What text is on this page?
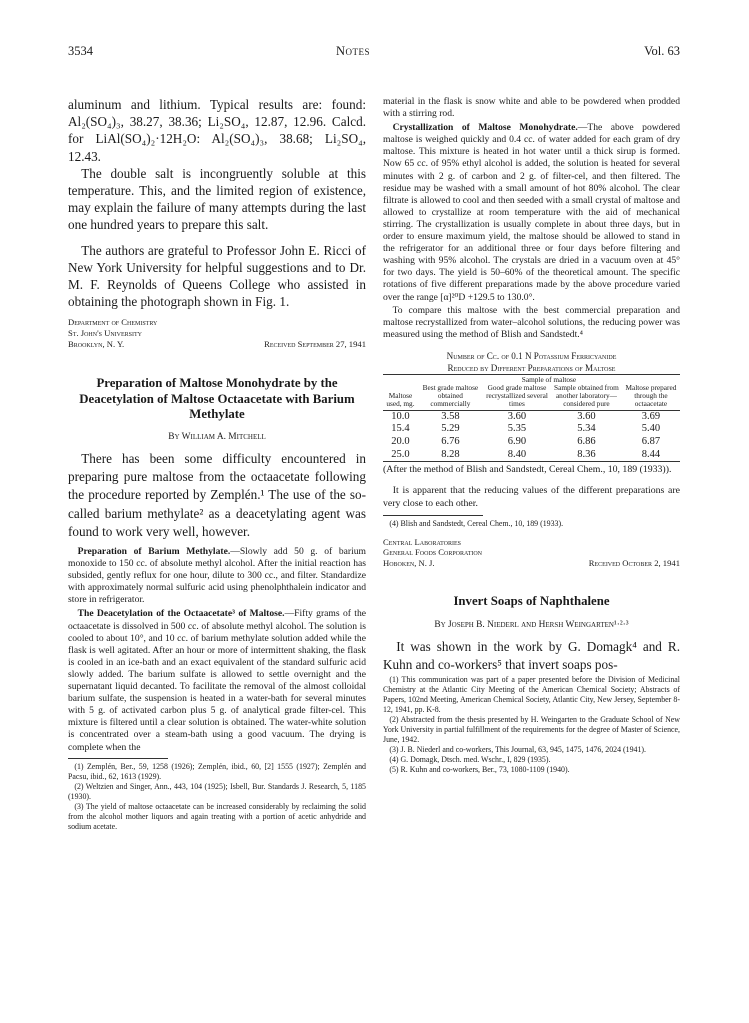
3534	Notes	Vol. 63

aluminum and lithium. Typical results are: found: Al₂(SO₄)₃, 38.27, 38.36; Li₂SO₄, 12.87, 12.96. Calcd. for LiAl(SO₄)₂·12H₂O: Al₂(SO₄)₃, 38.68; Li₂SO₄, 12.43.

The double salt is incongruently soluble at this temperature. This, and the limited region of existence, may explain the failure of many attempts during the last one hundred years to prepare this salt.

The authors are grateful to Professor John E. Ricci of New York University for helpful suggestions and to Dr. M. F. Reynolds of Queens College who assisted in obtaining the photograph shown in Fig. 1.

Department of Chemistry
St. John's University
Brooklyn, N. Y.	Received September 27, 1941
Preparation of Maltose Monohydrate by the Deacetylation of Maltose Octaacetate with Barium Methylate
By William A. Mitchell

There has been some difficulty encountered in preparing pure maltose from the octaacetate following the procedure reported by Zemplén.¹ The use of the so-called barium methylate² as a deacetylating agent was found to work very well, however.

Preparation of Barium Methylate.—Slowly add 50 g. of barium monoxide to 150 cc. of absolute methyl alcohol. After the initial reaction has subsided, gently reflux for one hour, dilute to 300 cc., and filter. Standardize with approximately normal sulfuric acid using phenolphthalein indicator and store in refrigerator.

The Deacetylation of the Octaacetate³ of Maltose.—Fifty grams of the octaacetate is dissolved in 500 cc. of absolute methyl alcohol. The solution is cooled to about 10°, and 10 cc. of barium methylate solution added while the flask is well agitated. After an hour or more of intermittent shaking, the flask is cooled in an ice-bath and an exact equivalent of the standard sulfuric acid slowly added. The barium sulfate is allowed to settle overnight and the supernatant liquid decanted. To facilitate the removal of the almost colloidal barium sulfate, the suspension is heated in a water-bath for several minutes with 5 g. of activated carbon plus 5 g. of analytical grade filter-cel. This mixture is filtered until a clear solution is obtained. The water-white solution is concentrated over a steam-bath using a good vacuum. The drying is complete when the

(1) Zemplén, Ber., 59, 1258 (1926); Zemplén, ibid., 60, [2] 1555 (1927); Zemplén and Pacsu, ibid., 62, 1613 (1929).

(2) Weltzien and Singer, Ann., 443, 104 (1925); Isbell, Bur. Standards J. Research, 5, 1185 (1930).

(3) The yield of maltose octaacetate can be increased considerably by reclaiming the solid from the alcohol mother liquors and again treating with a portion of acetic anhydride and sodium acetate.

material in the flask is snow white and able to be powdered when prodded with a stirring rod.

Crystallization of Maltose Monohydrate.—The above powdered maltose is weighed quickly and 0.4 cc. of water added for each gram of dry maltose. This mixture is heated in hot water until a thick sirup is formed. Now 65 cc. of 95% ethyl alcohol is added, the solution is heated for several minutes with 2 g. of carbon and 2 g. of filter-cel, and then filtered. The residue may be washed with a small amount of hot 80% alcohol. The clear filtrate is allowed to cool and then seeded with a small crystal of maltose and allowed to crystallize at room temperature with the aid of mechanical stirring. The crystallization is usually complete in about three days, but in order to ensure maximum yield, the maltose should be allowed to stand in the refrigerator for an additional three or four days before filtering and washing with 95% alcohol. The crystals are dried in a vacuum oven at 45° for two days. The yield is 50–60% of the theoretical amount. The specific rotations of five different preparations made by the above procedure varied over the range [α]²⁰D +129.5 to 130.0°.

To compare this maltose with the best commercial preparation and maltose recrystallized from water–alcohol solutions, the reducing power was measured using the method of Blish and Sandstedt.⁴

Number of Cc. of 0.1 N Potassium Ferricyanide
Reduced by Different Preparations of Maltose
	Sample of maltose			
Maltose used, mg.	Best grade maltose obtained commercially	Good grade maltose recrystallized several times	Sample obtained from another laboratory—considered pure	Maltose prepared through the octaacetate
10.0	3.58	3.60	3.60	3.69
15.4	5.29	5.35	5.34	5.40
20.0	6.76	6.90	6.86	6.87
25.0	8.28	8.40	8.36	8.44

(After the method of Blish and Sandstedt, Cereal Chem., 10, 189 (1933)).

It is apparent that the reducing values of the different preparations are very close to each other.

(4) Blish and Sandstedt, Cereal Chem., 10, 189 (1933).

Central Laboratories
General Foods Corporation
Hoboken, N. J.	Received October 2, 1941
Invert Soaps of Naphthalene
By Joseph B. Niederl and Hersh Weingarten¹·²·³

It was shown in the work by G. Domagk⁴ and R. Kuhn and co-workers⁵ that invert soaps pos-

(1) This communication was part of a paper presented before the Division of Medicinal Chemistry at the Atlantic City Meeting of the American Chemical Society; Abstracts of Papers, 102nd Meeting, American Chemical Society, Atlantic City, New Jersey, September 8-12, 1941, pp. K-8.

(2) Abstracted from the thesis presented by H. Weingarten to the Graduate School of New York University in partial fulfillment of the requirements for the degree of Master of Science, June, 1942.

(3) J. B. Niederl and co-workers, This Journal, 63, 945, 1475, 1476, 2024 (1941).

(4) G. Domagk, Dtsch. med. Wschr., I, 829 (1935).

(5) R. Kuhn and co-workers, Ber., 73, 1080-1109 (1940).
